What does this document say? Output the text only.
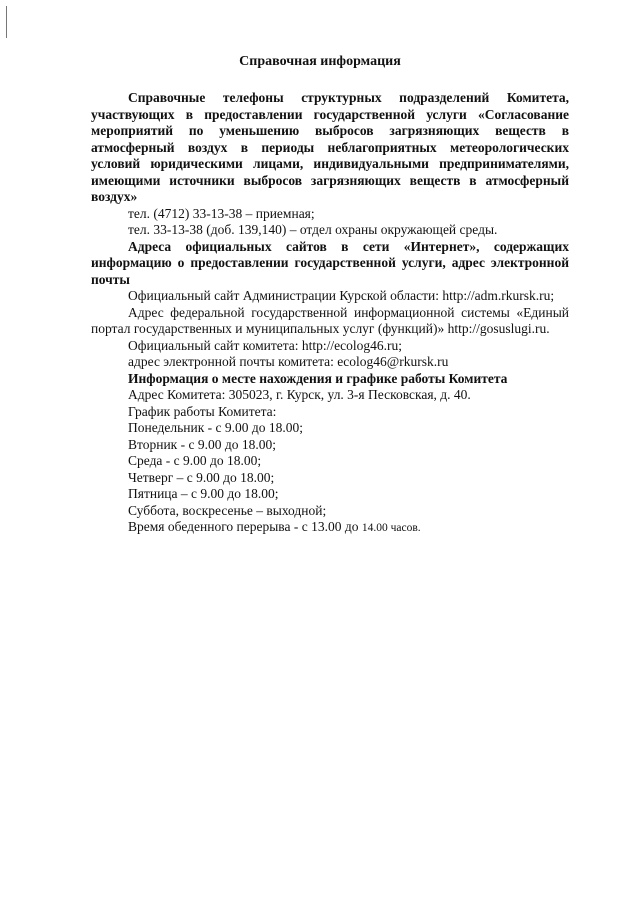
Справочная информация

Справочные телефоны структурных подразделений Комитета, участвующих в предоставлении государственной услуги «Согласование мероприятий по уменьшению выбросов загрязняющих веществ в атмосферный воздух в периоды неблагоприятных метеорологических условий юридическими лицами, индивидуальными предпринимателями, имеющими источники выбросов загрязняющих веществ в атмосферный воздух»

тел. (4712) 33-13-38 – приемная;

тел. 33-13-38 (доб. 139,140) – отдел охраны окружающей среды.

Адреса официальных сайтов в сети «Интернет», содержащих информацию о предоставлении государственной услуги, адрес электронной почты

Официальный сайт Администрации Курской области: http://adm.rkursk.ru;

Адрес федеральной государственной информационной системы «Единый портал государственных и муниципальных услуг (функций)» http://gosuslugi.ru.

Официальный сайт комитета: http://ecolog46.ru;

адрес электронной почты комитета: ecolog46@rkursk.ru

Информация о месте нахождения и графике работы Комитета

Адрес Комитета: 305023, г. Курск, ул. 3-я Песковская, д. 40.

График работы Комитета:

Понедельник - с 9.00 до 18.00;

Вторник - с 9.00 до 18.00;

Среда - с 9.00 до 18.00;

Четверг – с 9.00 до 18.00;

Пятница – с 9.00 до 18.00;

Суббота, воскресенье – выходной;

Время обеденного перерыва - с 13.00 до 14.00 часов.
